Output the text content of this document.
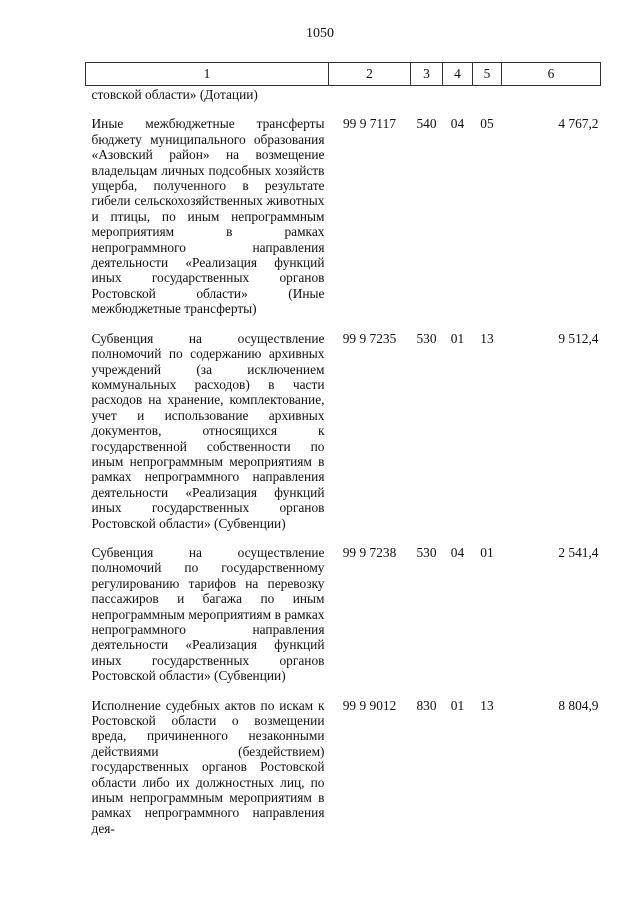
1050
1	2	3	4	5	6
стовской области» (Дотации)					
Иные межбюджетные трансферты бюджету муниципального образования «Азовский район» на возмещение владельцам личных подсобных хозяйств ущерба, полученного в результате гибели сельскохозяйственных животных и птицы, по иным непрограммным мероприятиям в рамках непрограммного направления деятельности «Реализация функций иных государственных органов Ростовской области» (Иные межбюджетные трансферты)	99 9 7117	540	04	05	4 767,2
Субвенция на осуществление полномочий по содержанию архивных учреждений (за исключением коммунальных расходов) в части расходов на хранение, комплектование, учет и использование архивных документов, относящихся к государственной собственности по иным непрограммным мероприятиям в рамках непрограммного направления деятельности «Реализация функций иных государственных органов Ростовской области» (Субвенции)	99 9 7235	530	01	13	9 512,4
Субвенция на осуществление полномочий по государственному регулированию тарифов на перевозку пассажиров и багажа по иным непрограммным мероприятиям в рамках непрограммного направления деятельности «Реализация функций иных государственных органов Ростовской области» (Субвенции)	99 9 7238	530	04	01	2 541,4
Исполнение судебных актов по искам к Ростовской области о возмещении вреда, причиненного незаконными действиями (бездействием) государственных органов Ростовской области либо их должностных лиц, по иным непрограммным мероприятиям в рамках непрограммного направления дея-	99 9 9012	830	01	13	8 804,9
